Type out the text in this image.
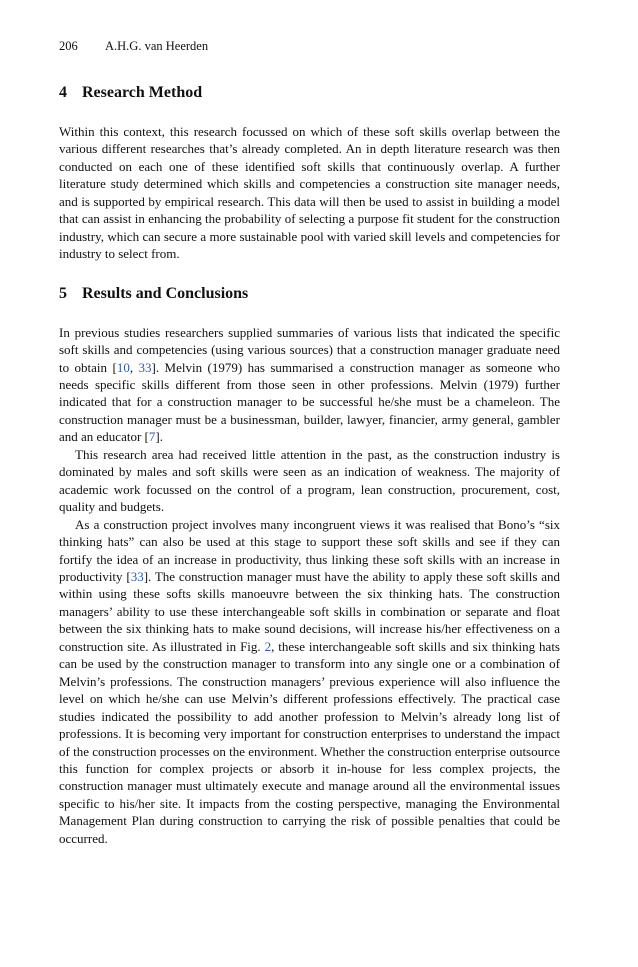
206 A.H.G. van Heerden
4 Research Method

Within this context, this research focussed on which of these soft skills overlap between the various different researches that’s already completed. An in depth literature research was then conducted on each one of these identified soft skills that continuously overlap. A further literature study determined which skills and competencies a construction site manager needs, and is supported by empirical research. This data will then be used to assist in building a model that can assist in enhancing the probability of selecting a purpose fit student for the construction industry, which can secure a more sustainable pool with varied skill levels and competencies for industry to select from.

5 Results and Conclusions

In previous studies researchers supplied summaries of various lists that indicated the specific soft skills and competencies (using various sources) that a construction manager graduate need to obtain [10, 33]. Melvin (1979) has summarised a construction manager as someone who needs specific skills different from those seen in other professions. Melvin (1979) further indicated that for a construction manager to be successful he/she must be a chameleon. The construction manager must be a businessman, builder, lawyer, financier, army general, gambler and an educator [7].

This research area had received little attention in the past, as the construction industry is dominated by males and soft skills were seen as an indication of weakness. The majority of academic work focussed on the control of a program, lean construction, procurement, cost, quality and budgets.

As a construction project involves many incongruent views it was realised that Bono’s “six thinking hats” can also be used at this stage to support these soft skills and see if they can fortify the idea of an increase in productivity, thus linking these soft skills with an increase in productivity [33]. The construction manager must have the ability to apply these soft skills and within using these softs skills manoeuvre between the six thinking hats. The construction managers’ ability to use these interchangeable soft skills in combination or separate and float between the six thinking hats to make sound decisions, will increase his/her effectiveness on a construction site. As illustrated in Fig. 2, these interchangeable soft skills and six thinking hats can be used by the construction manager to transform into any single one or a combination of Melvin’s professions. The construction managers’ previous experience will also influence the level on which he/she can use Melvin’s different professions effectively. The practical case studies indicated the possibility to add another profession to Melvin’s already long list of professions. It is becoming very important for construction enterprises to understand the impact of the construction processes on the environment. Whether the construction enterprise outsource this function for complex projects or absorb it in-house for less complex projects, the construction manager must ultimately execute and manage around all the environmental issues specific to his/her site. It impacts from the costing perspective, managing the Environmental Management Plan during construction to carrying the risk of possible penalties that could be occurred.
